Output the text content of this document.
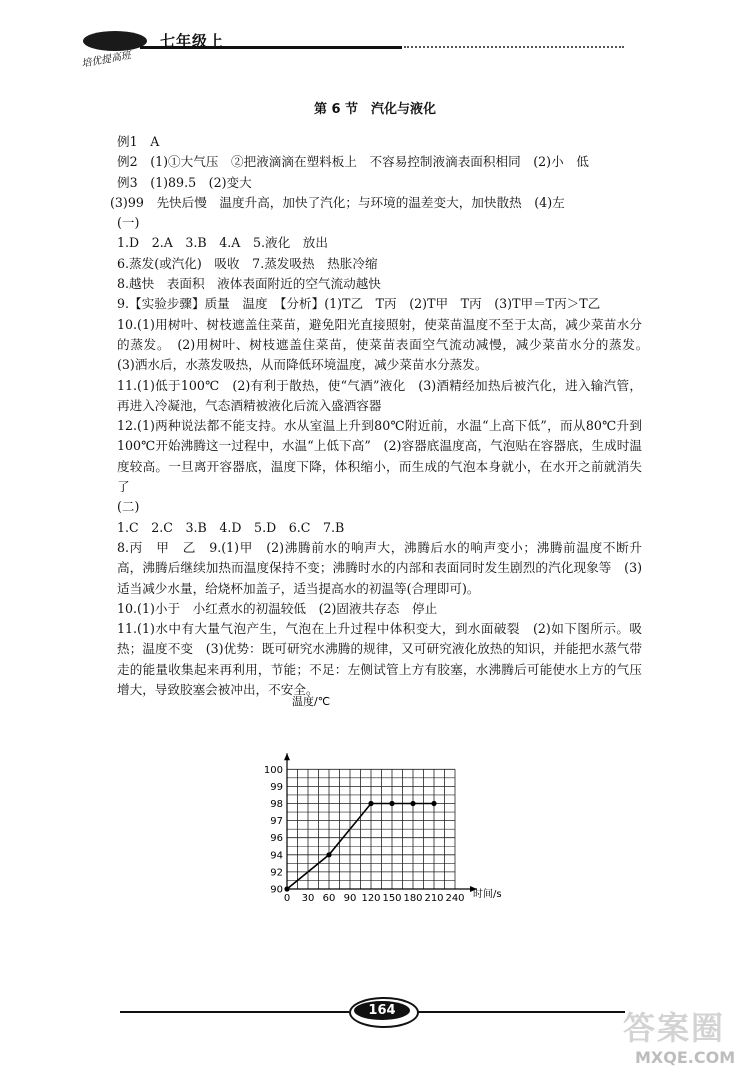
七年级上
培优提高班
第 6 节　汽化与液化
例1　A
例2　(1)①大气压　②把液滴滴在塑料板上　不容易控制液滴表面积相同　(2)小　低
例3　(1)89.5　(2)变大
(3)99　先快后慢　温度升高，加快了汽化；与环境的温差变大，加快散热　(4)左
(一)
1.D　2.A　3.B　4.A　5.液化　放出
6.蒸发(或汽化)　吸收　7.蒸发吸热　热胀冷缩
8.越快　表面积　液体表面附近的空气流动越快
9.【实验步骤】质量　温度　【分析】(1)T乙　T丙　(2)T甲　T丙　(3)T甲＝T丙＞T乙
10.(1)用树叶、树枝遮盖住菜苗，避免阳光直接照射，使菜苗温度不至于太高，减少菜苗水分的蒸发。　(2)用树叶、树枝遮盖住菜苗，使菜苗表面空气流动减慢，减少菜苗水分的蒸发。　(3)洒水后，水蒸发吸热，从而降低环境温度，减少菜苗水分蒸发。
11.(1)低于100℃　(2)有利于散热，使“气酒”液化　(3)酒精经加热后被汽化，进入输汽管，再进入冷凝池，气态酒精被液化后流入盛酒容器
12.(1)两种说法都不能支持。水从室温上升到80℃附近前，水温“上高下低”，而从80℃升到100℃开始沸腾这一过程中，水温“上低下高”　(2)容器底温度高，气泡贴在容器底，生成时温度较高。一旦离开容器底，温度下降，体积缩小，而生成的气泡本身就小，在水开之前就消失了
(二)
1.C　2.C　3.B　4.D　5.D　6.C　7.B
8.丙　甲　乙　9.(1)甲　(2)沸腾前水的响声大，沸腾后水的响声变小；沸腾前温度不断升高，沸腾后继续加热而温度保持不变；沸腾时水的内部和表面同时发生剧烈的汽化现象等　(3)适当减少水量，给烧杯加盖子，适当提高水的初温等(合理即可)。
10.(1)小于　小红煮水的初温较低　(2)固液共存态　停止
11.(1)水中有大量气泡产生，气泡在上升过程中体积变大，到水面破裂　(2)如下图所示。吸热；温度不变　(3)优势：既可研究水沸腾的规律，又可研究液化放热的知识，并能把水蒸气带走的能量收集起来再利用，节能；不足：左侧试管上方有胶塞，水沸腾后可能使水上方的气压增大，导致胶塞会被冲出，不安全。
温度/℃
时间/s
0 30 60 90 120 150 180 210 240
90
92
94
96
97
98
99
100
164	答案圈
MXQE.COM
